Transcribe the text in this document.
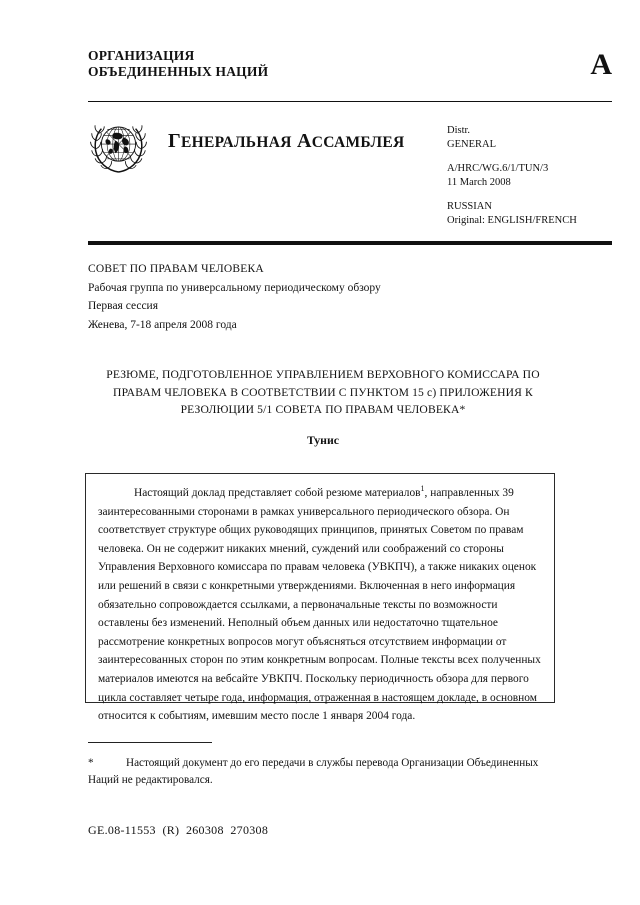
ОРГАНИЗАЦИЯ
ОБЪЕДИНЕННЫХ НАЦИЙ	A
ГЕНЕРАЛЬНАЯ АССАМБЛЕЯ
Distr.
GENERAL
A/HRC/WG.6/1/TUN/3
11 March 2008
RUSSIAN
Original: ENGLISH/FRENCH
СОВЕТ ПО ПРАВАМ ЧЕЛОВЕКА
Рабочая группа по универсальному периодическому обзору
Первая сессия
Женева, 7-18 апреля 2008 года
РЕЗЮМЕ, ПОДГОТОВЛЕННОЕ УПРАВЛЕНИЕМ ВЕРХОВНОГО КОМИССАРА ПО
ПРАВАМ ЧЕЛОВЕКА В СООТВЕТСТВИИ С ПУНКТОМ 15 с) ПРИЛОЖЕНИЯ К
РЕЗОЛЮЦИИ 5/1 СОВЕТА ПО ПРАВАМ ЧЕЛОВЕКА*
Тунис
Настоящий доклад представляет собой резюме материалов$^1$, направленных 39 заинтересованными сторонами в рамках универсального периодического обзора. Он соответствует структуре общих руководящих принципов, принятых Советом по правам человека. Он не содержит никаких мнений, суждений или соображений со стороны Управления Верховного комиссара по правам человека (УВКПЧ), а также никаких оценок или решений в связи с конкретными утверждениями. Включенная в него информация обязательно сопровождается ссылками, а первоначальные тексты по возможности оставлены без изменений. Неполный объем данных или недостаточно тщательное рассмотрение конкретных вопросов могут объясняться отсутствием информации от заинтересованных сторон по этим конкретным вопросам. Полные тексты всех полученных материалов имеются на вебсайте УВКПЧ. Поскольку периодичность обзора для первого цикла составляет четыре года, информация, отраженная в настоящем докладе, в основном относится к событиям, имевшим место после 1 января 2004 года.
*	Настоящий документ до его передачи в службы перевода Организации Объединенных Наций не редактировался.
GE.08-11553  (R)  260308  270308
